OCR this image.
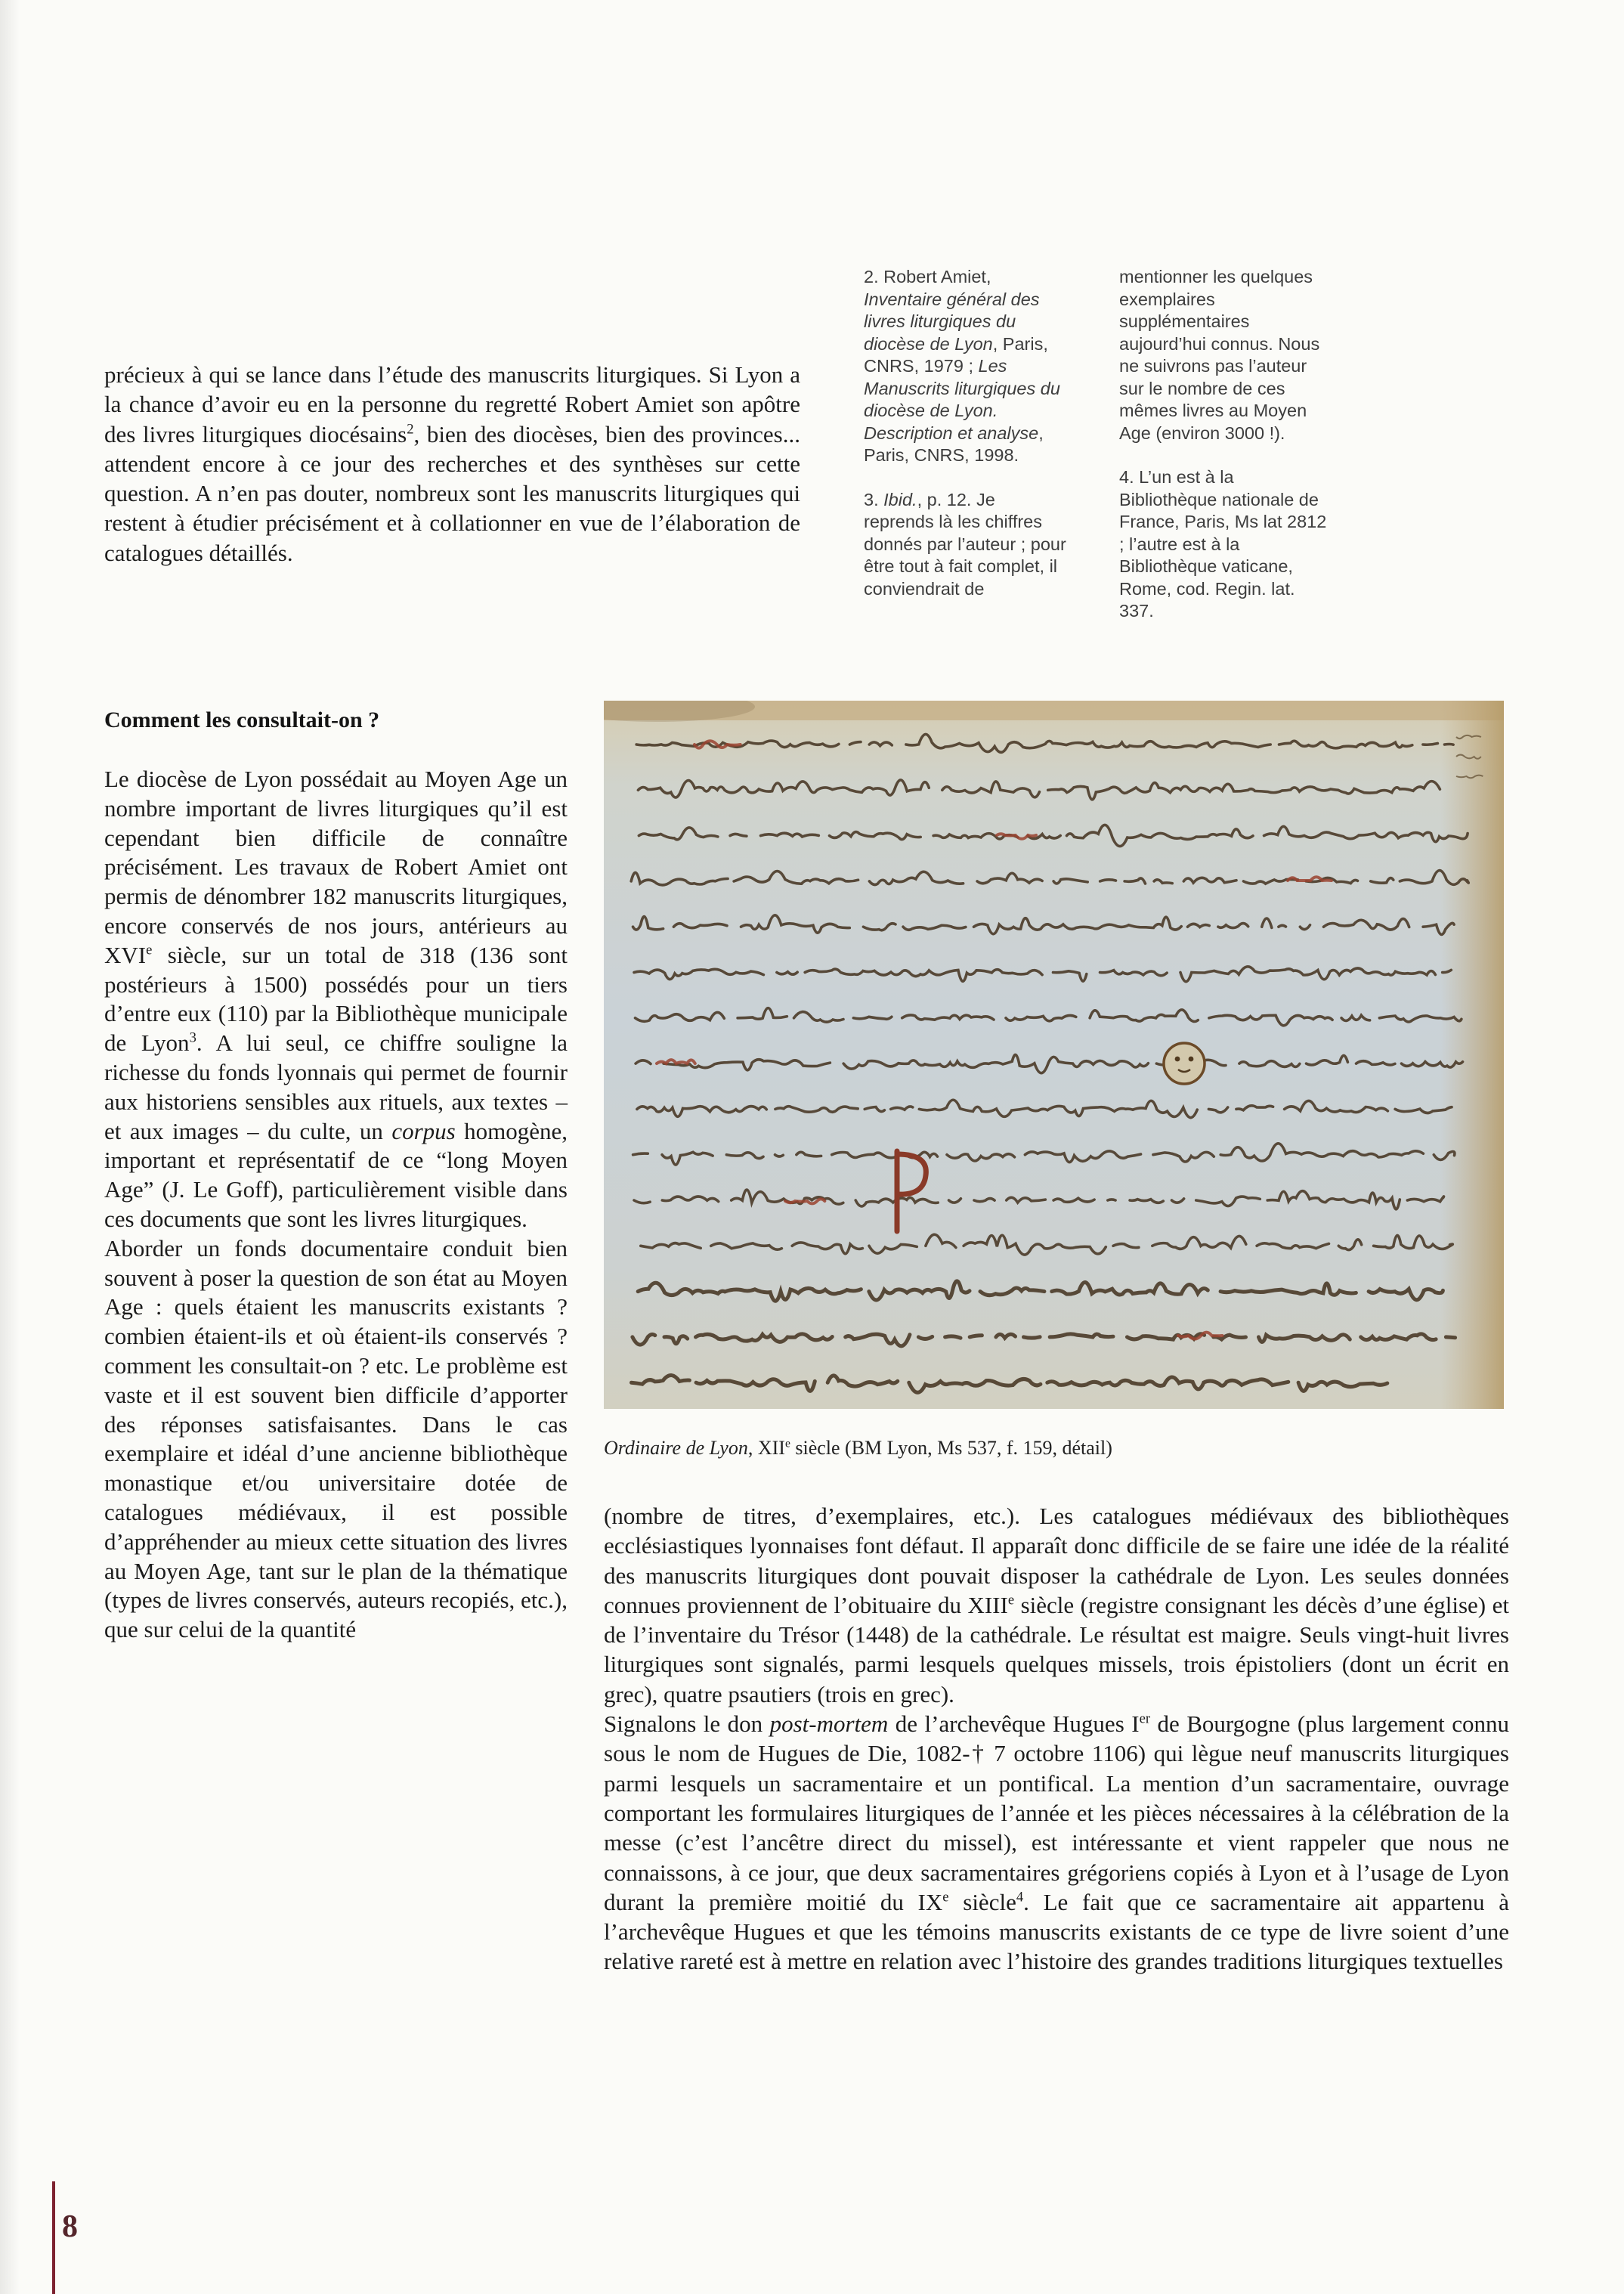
précieux à qui se lance dans l’étude des manuscrits liturgiques. Si Lyon a la chance d’avoir eu en la personne du regretté Robert Amiet son apôtre des livres liturgiques diocésains$^2$, bien des diocèses, bien des provinces... attendent encore à ce jour des recherches et des synthèses sur cette question. A n’en pas douter, nombreux sont les manuscrits liturgiques qui restent à étudier précisément et à collationner en vue de l’élaboration de catalogues détaillés.

2. Robert Amiet, Inventaire général des livres liturgiques du diocèse de Lyon, Paris, CNRS, 1979 ; Les Manuscrits liturgiques du diocèse de Lyon. Description et analyse, Paris, CNRS, 1998.

3. Ibid., p. 12. Je reprends là les chiffres donnés par l’auteur ; pour être tout à fait complet, il conviendrait de

mentionner les quelques exemplaires supplémentaires aujourd’hui connus. Nous ne suivrons pas l’auteur sur le nombre de ces mêmes livres au Moyen Age (environ 3000 !).

4. L’un est à la Bibliothèque nationale de France, Paris, Ms lat 2812 ; l’autre est à la Bibliothèque vaticane, Rome, cod. Regin. lat. 337.

Comment les consultait-on ?

Le diocèse de Lyon possédait au Moyen Age un nombre important de livres liturgiques qu’il est cependant bien difficile de connaître précisément. Les travaux de Robert Amiet ont permis de dénombrer 182 manuscrits liturgiques, encore conservés de nos jours, antérieurs au XVIe siècle, sur un total de 318 (136 sont postérieurs à 1500) possédés pour un tiers d’entre eux (110) par la Bibliothèque municipale de Lyon$^3$. A lui seul, ce chiffre souligne la richesse du fonds lyonnais qui permet de fournir aux historiens sensibles aux rituels, aux textes – et aux images – du culte, un corpus homogène, important et représentatif de ce “long Moyen Age” (J. Le Goff), particulièrement visible dans ces documents que sont les livres liturgiques.

Aborder un fonds documentaire conduit bien souvent à poser la question de son état au Moyen Age : quels étaient les manuscrits existants ? combien étaient-ils et où étaient-ils conservés ? comment les consultait-on ? etc. Le problème est vaste et il est souvent bien difficile d’apporter des réponses satisfaisantes. Dans le cas exemplaire et idéal d’une ancienne bibliothèque monastique et/ou universitaire dotée de catalogues médiévaux, il est possible d’appréhender au mieux cette situation des livres au Moyen Age, tant sur le plan de la thématique (types de livres conservés, auteurs recopiés, etc.), que sur celui de la quantité

Ordinaire de Lyon, XIIe siècle (BM Lyon, Ms 537, f. 159, détail)

(nombre de titres, d’exemplaires, etc.). Les catalogues médiévaux des bibliothèques ecclésiastiques lyonnaises font défaut. Il apparaît donc difficile de se faire une idée de la réalité des manuscrits liturgiques dont pouvait disposer la cathédrale de Lyon. Les seules données connues proviennent de l’obituaire du XIIIe siècle (registre consignant les décès d’une église) et de l’inventaire du Trésor (1448) de la cathédrale. Le résultat est maigre. Seuls vingt-huit livres liturgiques sont signalés, parmi lesquels quelques missels, trois épistoliers (dont un écrit en grec), quatre psautiers (trois en grec).

Signalons le don post-mortem de l’archevêque Hugues Ier de Bourgogne (plus largement connu sous le nom de Hugues de Die, 1082-† 7 octobre 1106) qui lègue neuf manuscrits liturgiques parmi lesquels un sacramentaire et un pontifical. La mention d’un sacramentaire, ouvrage comportant les formulaires liturgiques de l’année et les pièces nécessaires à la célébration de la messe (c’est l’ancêtre direct du missel), est intéressante et vient rappeler que nous ne connaissons, à ce jour, que deux sacramentaires grégoriens copiés à Lyon et à l’usage de Lyon durant la première moitié du IXe siècle$^4$. Le fait que ce sacramentaire ait appartenu à l’archevêque Hugues et que les témoins manuscrits existants de ce type de livre soient d’une relative rareté est à mettre en relation avec l’histoire des grandes traditions liturgiques textuelles

8
